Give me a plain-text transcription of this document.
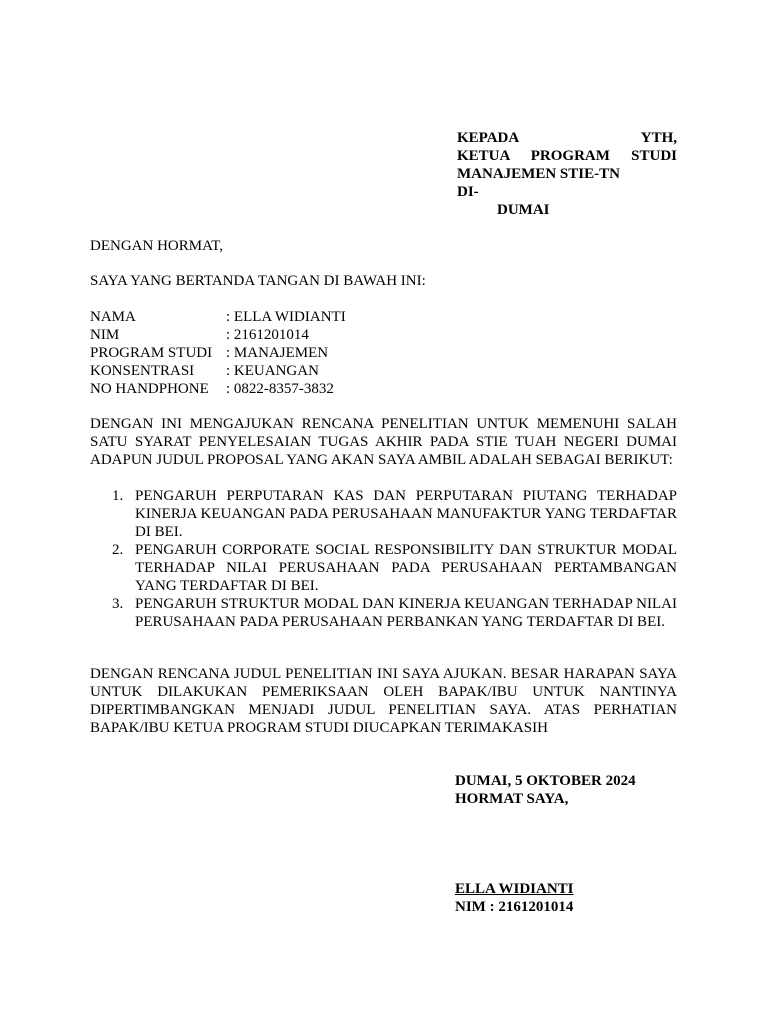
KEPADA YTH,
KETUA PROGRAM STUDI
MANAJEMEN STIE-TN
DI-
DUMAI
DENGAN HORMAT,
SAYA YANG BERTANDA TANGAN DI BAWAH INI:
NAMA	: ELLA WIDIANTI
NIM	: 2161201014
PROGRAM STUDI	: MANAJEMEN
KONSENTRASI	: KEUANGAN
NO HANDPHONE	: 0822-8357-3832
DENGAN INI MENGAJUKAN RENCANA PENELITIAN UNTUK MEMENUHI SALAH SATU SYARAT PENYELESAIAN TUGAS AKHIR PADA STIE TUAH NEGERI DUMAI ADAPUN JUDUL PROPOSAL YANG AKAN SAYA AMBIL ADALAH SEBAGAI BERIKUT:
1. PENGARUH PERPUTARAN KAS DAN PERPUTARAN PIUTANG TERHADAP KINERJA KEUANGAN PADA PERUSAHAAN MANUFAKTUR YANG TERDAFTAR DI BEI.
2. PENGARUH CORPORATE SOCIAL RESPONSIBILITY DAN STRUKTUR MODAL TERHADAP NILAI PERUSAHAAN PADA PERUSAHAAN PERTAMBANGAN YANG TERDAFTAR DI BEI.
3. PENGARUH STRUKTUR MODAL DAN KINERJA KEUANGAN TERHADAP NILAI PERUSAHAAN PADA PERUSAHAAN PERBANKAN YANG TERDAFTAR DI BEI.
DENGAN RENCANA JUDUL PENELITIAN INI SAYA AJUKAN. BESAR HARAPAN SAYA UNTUK DILAKUKAN PEMERIKSAAN OLEH BAPAK/IBU UNTUK NANTINYA DIPERTIMBANGKAN MENJADI JUDUL PENELITIAN SAYA. ATAS PERHATIAN BAPAK/IBU KETUA PROGRAM STUDI DIUCAPKAN TERIMAKASIH
DUMAI, 5 OKTOBER 2024
HORMAT SAYA,
ELLA WIDIANTI
NIM : 2161201014
